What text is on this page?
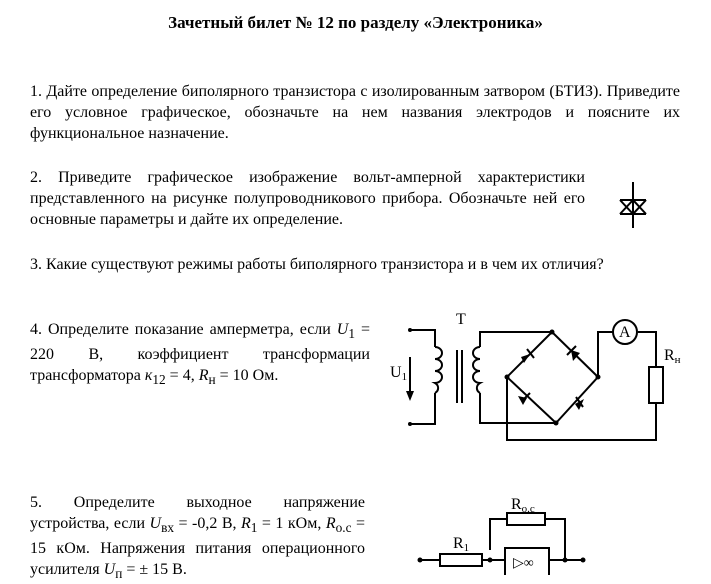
Зачетный билет № 12 по разделу «Электроника»

1. Дайте определение биполярного транзистора с изолированным затвором (БТИЗ). Приведите его условное графическое, обозначьте на нем названия электродов и поясните их функциональное назначение.

2. Приведите графическое изображение вольт-амперной характеристики представленного на рисунке полупроводникового прибора. Обозначьте ней его основные параметры и дайте их определение.

3. Какие существуют режимы работы биполярного транзистора и в чем их отличия?

4. Определите показание амперметра, если $U_1 = 220$ В, коэффициент трансформации трансформатора $к_{12} = 4$, $R_н = 10$ Ом.

T
U1
A
Rн

5. Определите выходное напряжение устройства, если $U_{вх} = -0,2$ В, $R_1 = 1$ кОм, $R_{о.с} = 15$ кОм. Напряжения питания операционного усилителя $U_п$ = ± 15 В.

Rо.с
R1
▷∞
